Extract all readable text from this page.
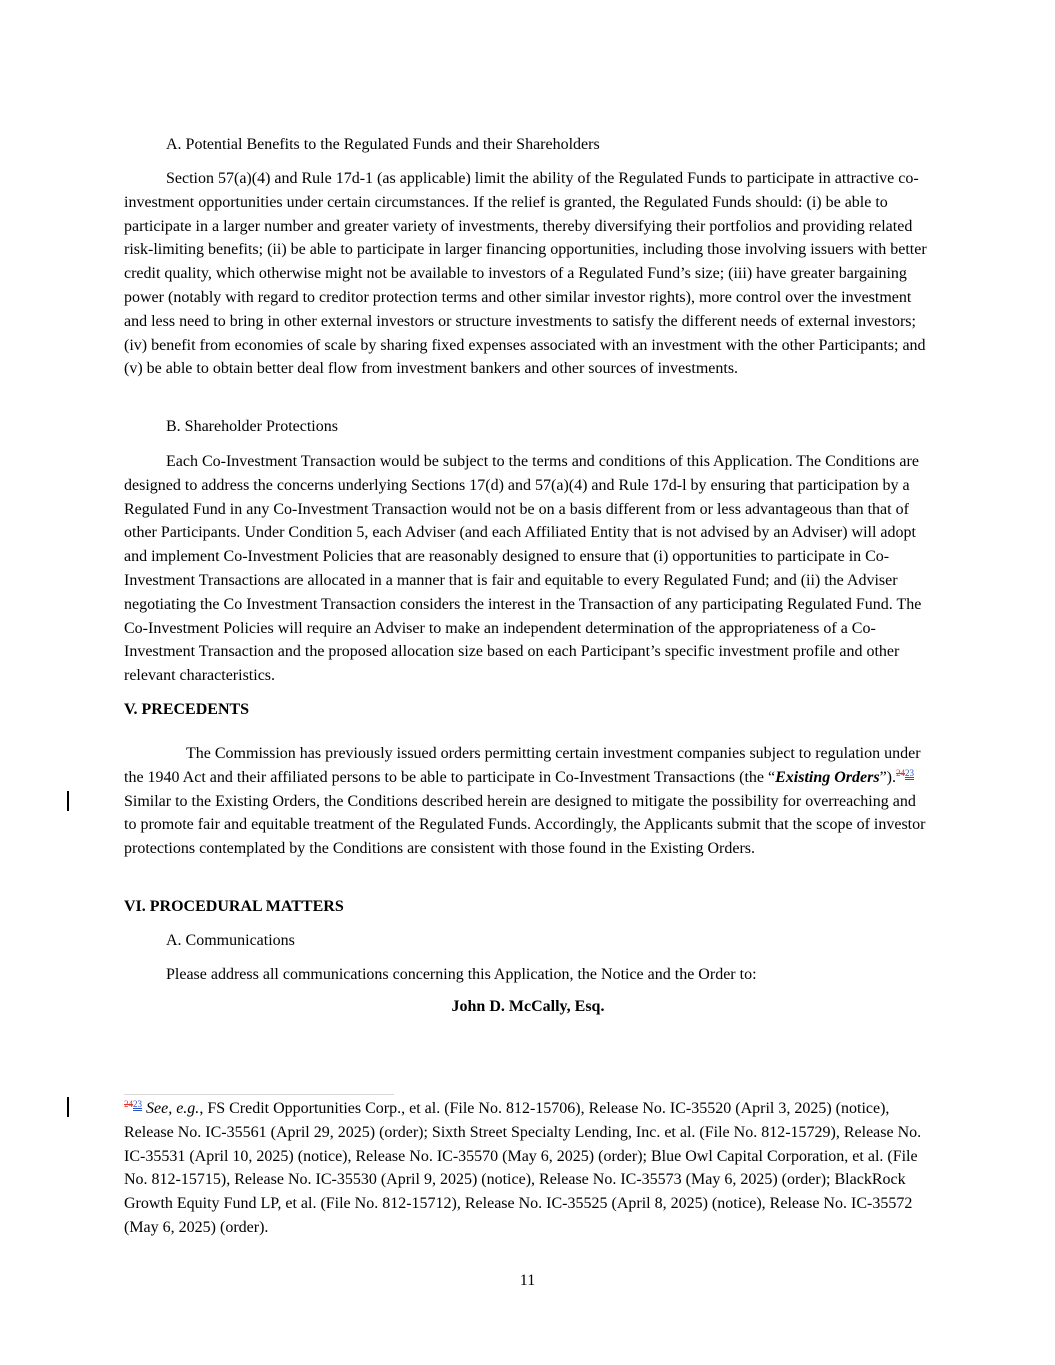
A. Potential Benefits to the Regulated Funds and their Shareholders

Section 57(a)(4) and Rule 17d-1 (as applicable) limit the ability of the Regulated Funds to participate in attractive co-investment opportunities under certain circumstances. If the relief is granted, the Regulated Funds should: (i) be able to participate in a larger number and greater variety of investments, thereby diversifying their portfolios and providing related risk-limiting benefits; (ii) be able to participate in larger financing opportunities, including those involving issuers with better credit quality, which otherwise might not be available to investors of a Regulated Fund’s size; (iii) have greater bargaining power (notably with regard to creditor protection terms and other similar investor rights), more control over the investment and less need to bring in other external investors or structure investments to satisfy the different needs of external investors; (iv) benefit from economies of scale by sharing fixed expenses associated with an investment with the other Participants; and (v) be able to obtain better deal flow from investment bankers and other sources of investments.

B. Shareholder Protections

Each Co-Investment Transaction would be subject to the terms and conditions of this Application. The Conditions are designed to address the concerns underlying Sections 17(d) and 57(a)(4) and Rule 17d-l by ensuring that participation by a Regulated Fund in any Co-Investment Transaction would not be on a basis different from or less advantageous than that of other Participants. Under Condition 5, each Adviser (and each Affiliated Entity that is not advised by an Adviser) will adopt and implement Co-Investment Policies that are reasonably designed to ensure that (i) opportunities to participate in Co-Investment Transactions are allocated in a manner that is fair and equitable to every Regulated Fund; and (ii) the Adviser negotiating the Co Investment Transaction considers the interest in the Transaction of any participating Regulated Fund. The Co-Investment Policies will require an Adviser to make an independent determination of the appropriateness of a Co-Investment Transaction and the proposed allocation size based on each Participant’s specific investment profile and other relevant characteristics.

V. PRECEDENTS

The Commission has previously issued orders permitting certain investment companies subject to regulation under the 1940 Act and their affiliated persons to be able to participate in Co-Investment Transactions (the “Existing Orders”).$^{2423}$ Similar to the Existing Orders, the Conditions described herein are designed to mitigate the possibility for overreaching and to promote fair and equitable treatment of the Regulated Funds. Accordingly, the Applicants submit that the scope of investor protections contemplated by the Conditions are consistent with those found in the Existing Orders.

VI. PROCEDURAL MATTERS
A. Communications
Please address all communications concerning this Application, the Notice and the Order to:
John D. McCally, Esq.

$^{2423}$ See, e.g., FS Credit Opportunities Corp., et al. (File No. 812-15706), Release No. IC-35520 (April 3, 2025) (notice), Release No. IC-35561 (April 29, 2025) (order); Sixth Street Specialty Lending, Inc. et al. (File No. 812-15729), Release No. IC-35531 (April 10, 2025) (notice), Release No. IC-35570 (May 6, 2025) (order); Blue Owl Capital Corporation, et al. (File No. 812-15715), Release No. IC-35530 (April 9, 2025) (notice), Release No. IC-35573 (May 6, 2025) (order); BlackRock Growth Equity Fund LP, et al. (File No. 812-15712), Release No. IC-35525 (April 8, 2025) (notice), Release No. IC-35572 (May 6, 2025) (order).

11
